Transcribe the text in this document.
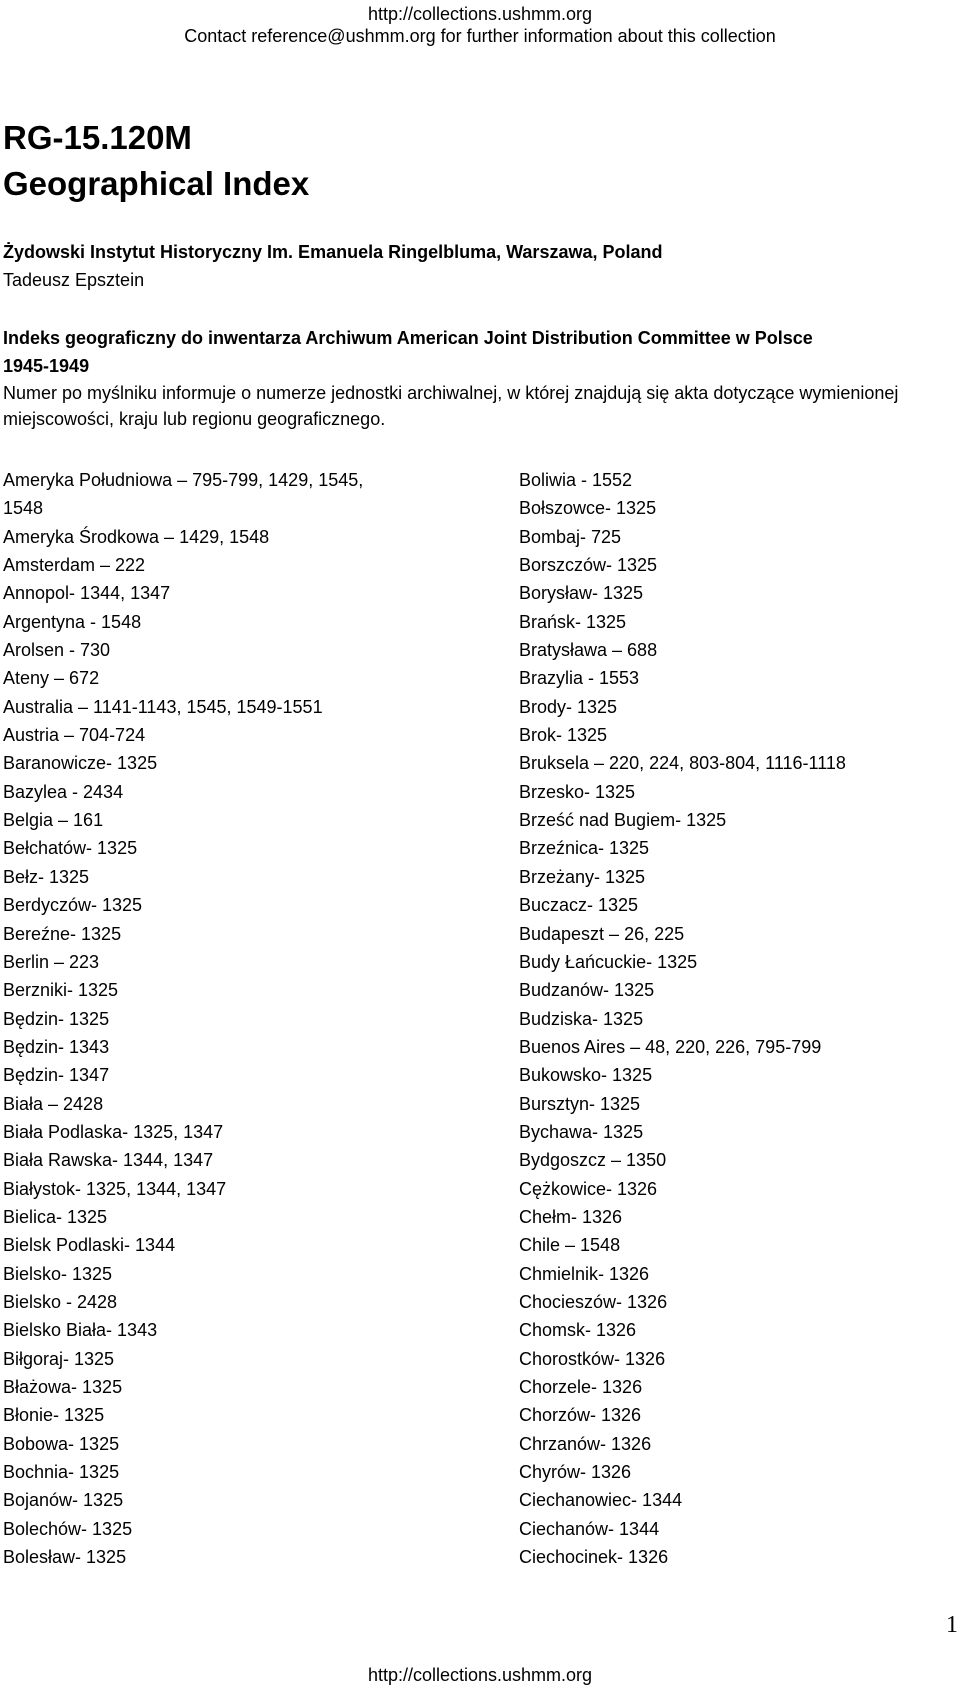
http://collections.ushmm.org
Contact reference@ushmm.org for further information about this collection
RG-15.120M
Geographical Index
Żydowski Instytut Historyczny Im. Emanuela Ringelbluma, Warszawa, Poland
Tadeusz Epsztein
Indeks geograficzny do inwentarza Archiwum American Joint Distribution Committee w Polsce
1945-1949
Numer po myślniku informuje o numerze jednostki archiwalnej, w której znajdują się akta dotyczące wymienionej miejscowości, kraju lub regionu geograficznego.
Ameryka Południowa – 795-799, 1429, 1545,
1548
Ameryka Środkowa – 1429, 1548
Amsterdam – 222
Annopol- 1344, 1347
Argentyna - 1548
Arolsen - 730
Ateny – 672
Australia – 1141-1143, 1545, 1549-1551
Austria – 704-724
Baranowicze- 1325
Bazylea - 2434
Belgia – 161
Bełchatów- 1325
Bełz- 1325
Berdyczów- 1325
Bereźne- 1325
Berlin – 223
Berzniki- 1325
Będzin- 1325
Będzin- 1343
Będzin- 1347
Biała – 2428
Biała Podlaska- 1325, 1347
Biała Rawska- 1344, 1347
Białystok- 1325, 1344, 1347
Bielica- 1325
Bielsk Podlaski- 1344
Bielsko- 1325
Bielsko - 2428
Bielsko Biała- 1343
Biłgoraj- 1325
Błażowa- 1325
Błonie- 1325
Bobowa- 1325
Bochnia- 1325
Bojanów- 1325
Bolechów- 1325
Bolesław- 1325
Boliwia - 1552
Bołszowce- 1325
Bombaj- 725
Borszczów- 1325
Borysław- 1325
Brańsk- 1325
Bratysława – 688
Brazylia - 1553
Brody- 1325
Brok- 1325
Bruksela – 220, 224, 803-804, 1116-1118
Brzesko- 1325
Brześć nad Bugiem- 1325
Brzeźnica- 1325
Brzeżany- 1325
Buczacz- 1325
Budapeszt – 26, 225
Budy Łańcuckie- 1325
Budzanów- 1325
Budziska- 1325
Buenos Aires – 48, 220, 226, 795-799
Bukowsko- 1325
Bursztyn- 1325
Bychawa- 1325
Bydgoszcz – 1350
Cężkowice- 1326
Chełm- 1326
Chile – 1548
Chmielnik- 1326
Chocieszów- 1326
Chomsk- 1326
Chorostków- 1326
Chorzele- 1326
Chorzów- 1326
Chrzanów- 1326
Chyrów- 1326
Ciechanowiec- 1344
Ciechanów- 1344
Ciechocinek- 1326
1
http://collections.ushmm.org
